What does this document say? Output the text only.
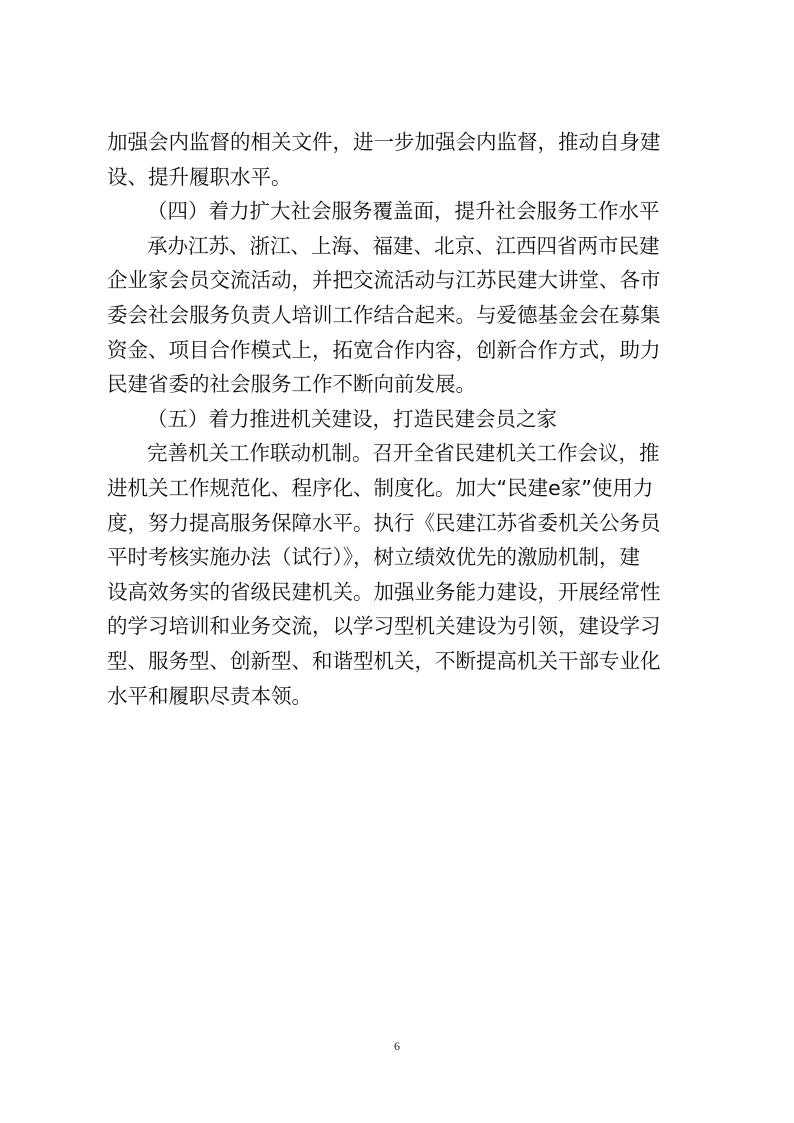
加强会内监督的相关文件，进一步加强会内监督，推动自身建
设、提升履职水平。
（四）着力扩大社会服务覆盖面，提升社会服务工作水平
承办江苏、浙江、上海、福建、北京、江西四省两市民建
企业家会员交流活动，并把交流活动与江苏民建大讲堂、各市
委会社会服务负责人培训工作结合起来。与爱德基金会在募集
资金、项目合作模式上，拓宽合作内容，创新合作方式，助力
民建省委的社会服务工作不断向前发展。
（五）着力推进机关建设，打造民建会员之家
完善机关工作联动机制。召开全省民建机关工作会议，推
进机关工作规范化、程序化、制度化。加大“民建e家”使用力
度，努力提高服务保障水平。执行《民建江苏省委机关公务员
平时考核实施办法（试行）》，树立绩效优先的激励机制，建
设高效务实的省级民建机关。加强业务能力建设，开展经常性
的学习培训和业务交流，以学习型机关建设为引领，建设学习
型、服务型、创新型、和谐型机关，不断提高机关干部专业化
水平和履职尽责本领。
6
